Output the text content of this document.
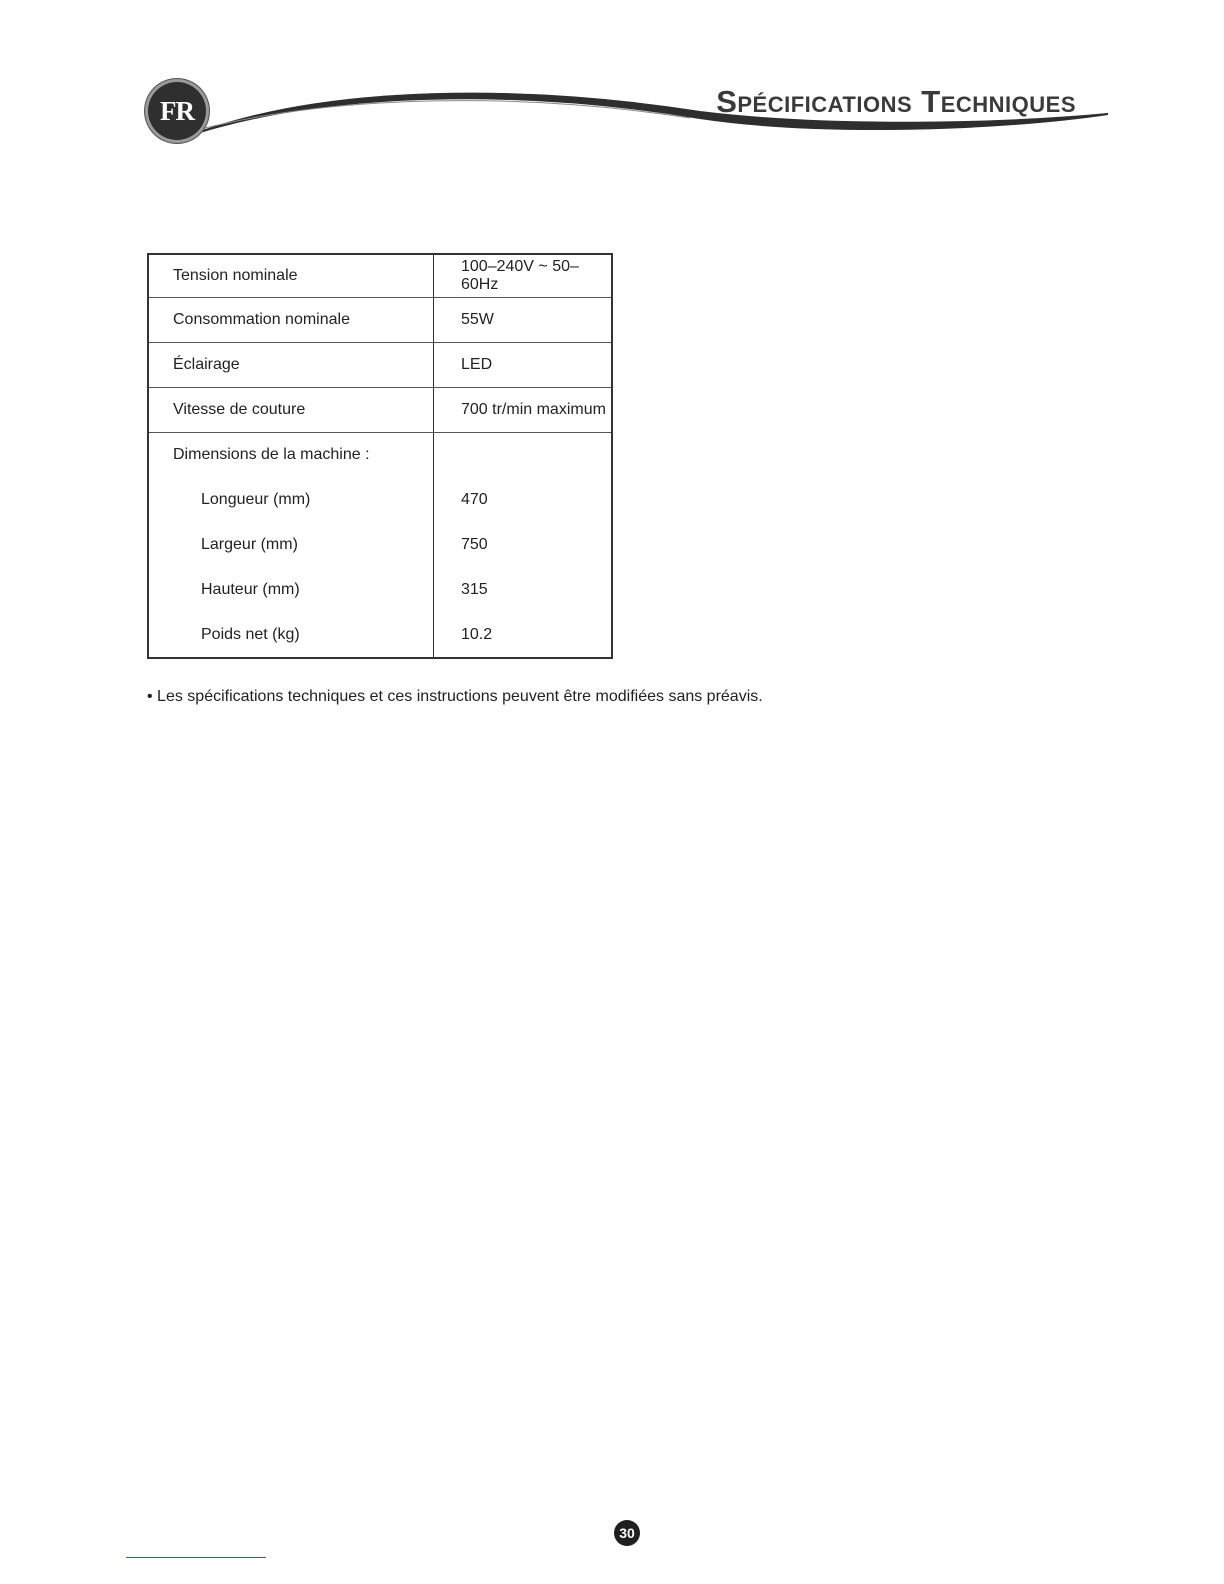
FR	Spécifications Techniques
Tension nominale	100–240V ~ 50–60Hz
Consommation nominale	55W
Éclairage	LED
Vitesse de couture	700 tr/min maximum
Dimensions de la machine :	
Longueur (mm)	470
Largeur (mm)	750
Hauteur (mm)	315
Poids net (kg)	10.2
• Les spécifications techniques et ces instructions peuvent être modifiées sans préavis.
30
